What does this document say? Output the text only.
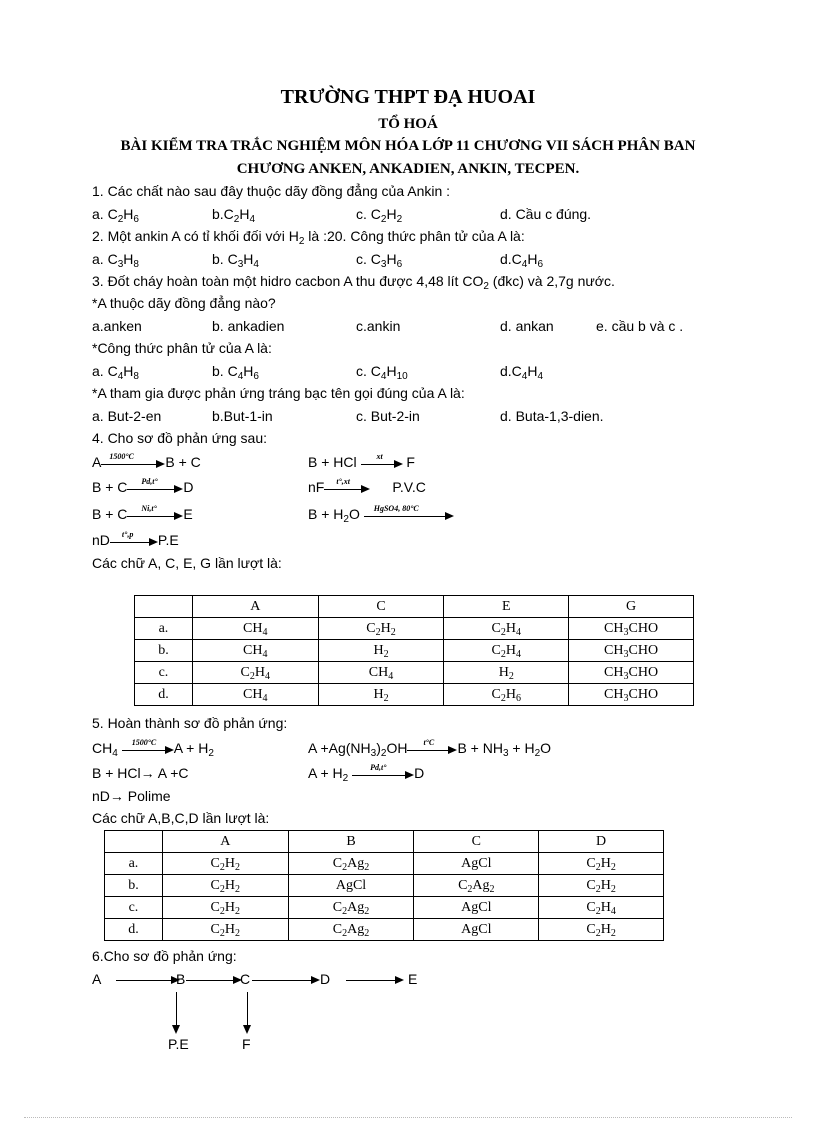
TRƯỜNG THPT ĐẠ HUOAI
TỔ HOÁ
BÀI KIỂM TRA TRẮC NGHIỆM MÔN HÓA LỚP 11 CHƯƠNG VII SÁCH PHÂN BAN
CHƯƠNG ANKEN, ANKADIEN, ANKIN, TECPEN.
1. Các chất nào sau đây thuộc dãy đồng đẳng của Ankin :
a. $C_2H_6$	$b.C_2H_4$	c. $C_2H_2$	d. Cầu c đúng.
2. Một ankin A có tỉ khối đối với $H_2$ là :20. Công thức phân tử của A là:
a. $C_3H_8$	b. $C_3H_4$	c. $C_3H_6$	$d.C_4H_6$
3. Đốt cháy hoàn toàn một hidro cacbon A thu được 4,48 lít $CO_2$ (đkc) và 2,7g nước.
*A thuộc dãy đồng đẳng nào?
a.anken	b. ankadien	c.ankin	d. ankan	e. cầu b và c .
*Công thức phân tử của A là:
a. $C_4H_8$	b. $C_4H_6$	c. $C_4H_{10}$	$d.C_4H_4$
*A tham gia được phản ứng tráng bạc tên gọi đúng của A là:
a. But-2-en	b.But-1-in	c. But-2-in	d. Buta-1,3-dien.
4. Cho sơ đồ phản ứng sau:
A 1500°C B + C	B + HCl xt F
B + C Pd,t° D	nF t°,xt	P.V.C
B + C Ni,t° E	$B + H_2O$ HgSO4, 80°C
nD t°,p P.E
Các chữ A, C, E, G lần lượt là:
	A	C	E	G
a.	$CH_4$	$C_2H_2$	$C_2H_4$	$CH_3CHO$
b.	$CH_4$	$H_2$	$C_2H_4$	$CH_3CHO$
c.	$C_2H_4$	$CH_4$	$H_2$	$CH_3CHO$
d.	$CH_4$	$H_2$	$C_2H_6$	$CH_3CHO$
5. Hoàn thành sơ đồ phản ứng:
$CH_4$
1500°C $A + H_2$	$A +Ag(NH_3)_2OH$ t°C $B + NH_3 + H_2O$
B + HCl→ A +C	$A + H_2$
Pd,t° D
nD→ Polime
Các chữ A,B,C,D lần lượt là:
	A	B	C	D
a.	$C_2H_2$	$C_2Ag_2$	AgCl	$C_2H_2$
b.	$C_2H_2$	AgCl	$C_2Ag_2$	$C_2H_2$
c.	$C_2H_2$	$C_2Ag_2$	AgCl	$C_2H_4$
d.	$C_2H_2$	$C_2Ag_2$	AgCl	$C_2H_2$
6.Cho sơ đồ phản ứng:
A	B	C	D	E
P.E	F
